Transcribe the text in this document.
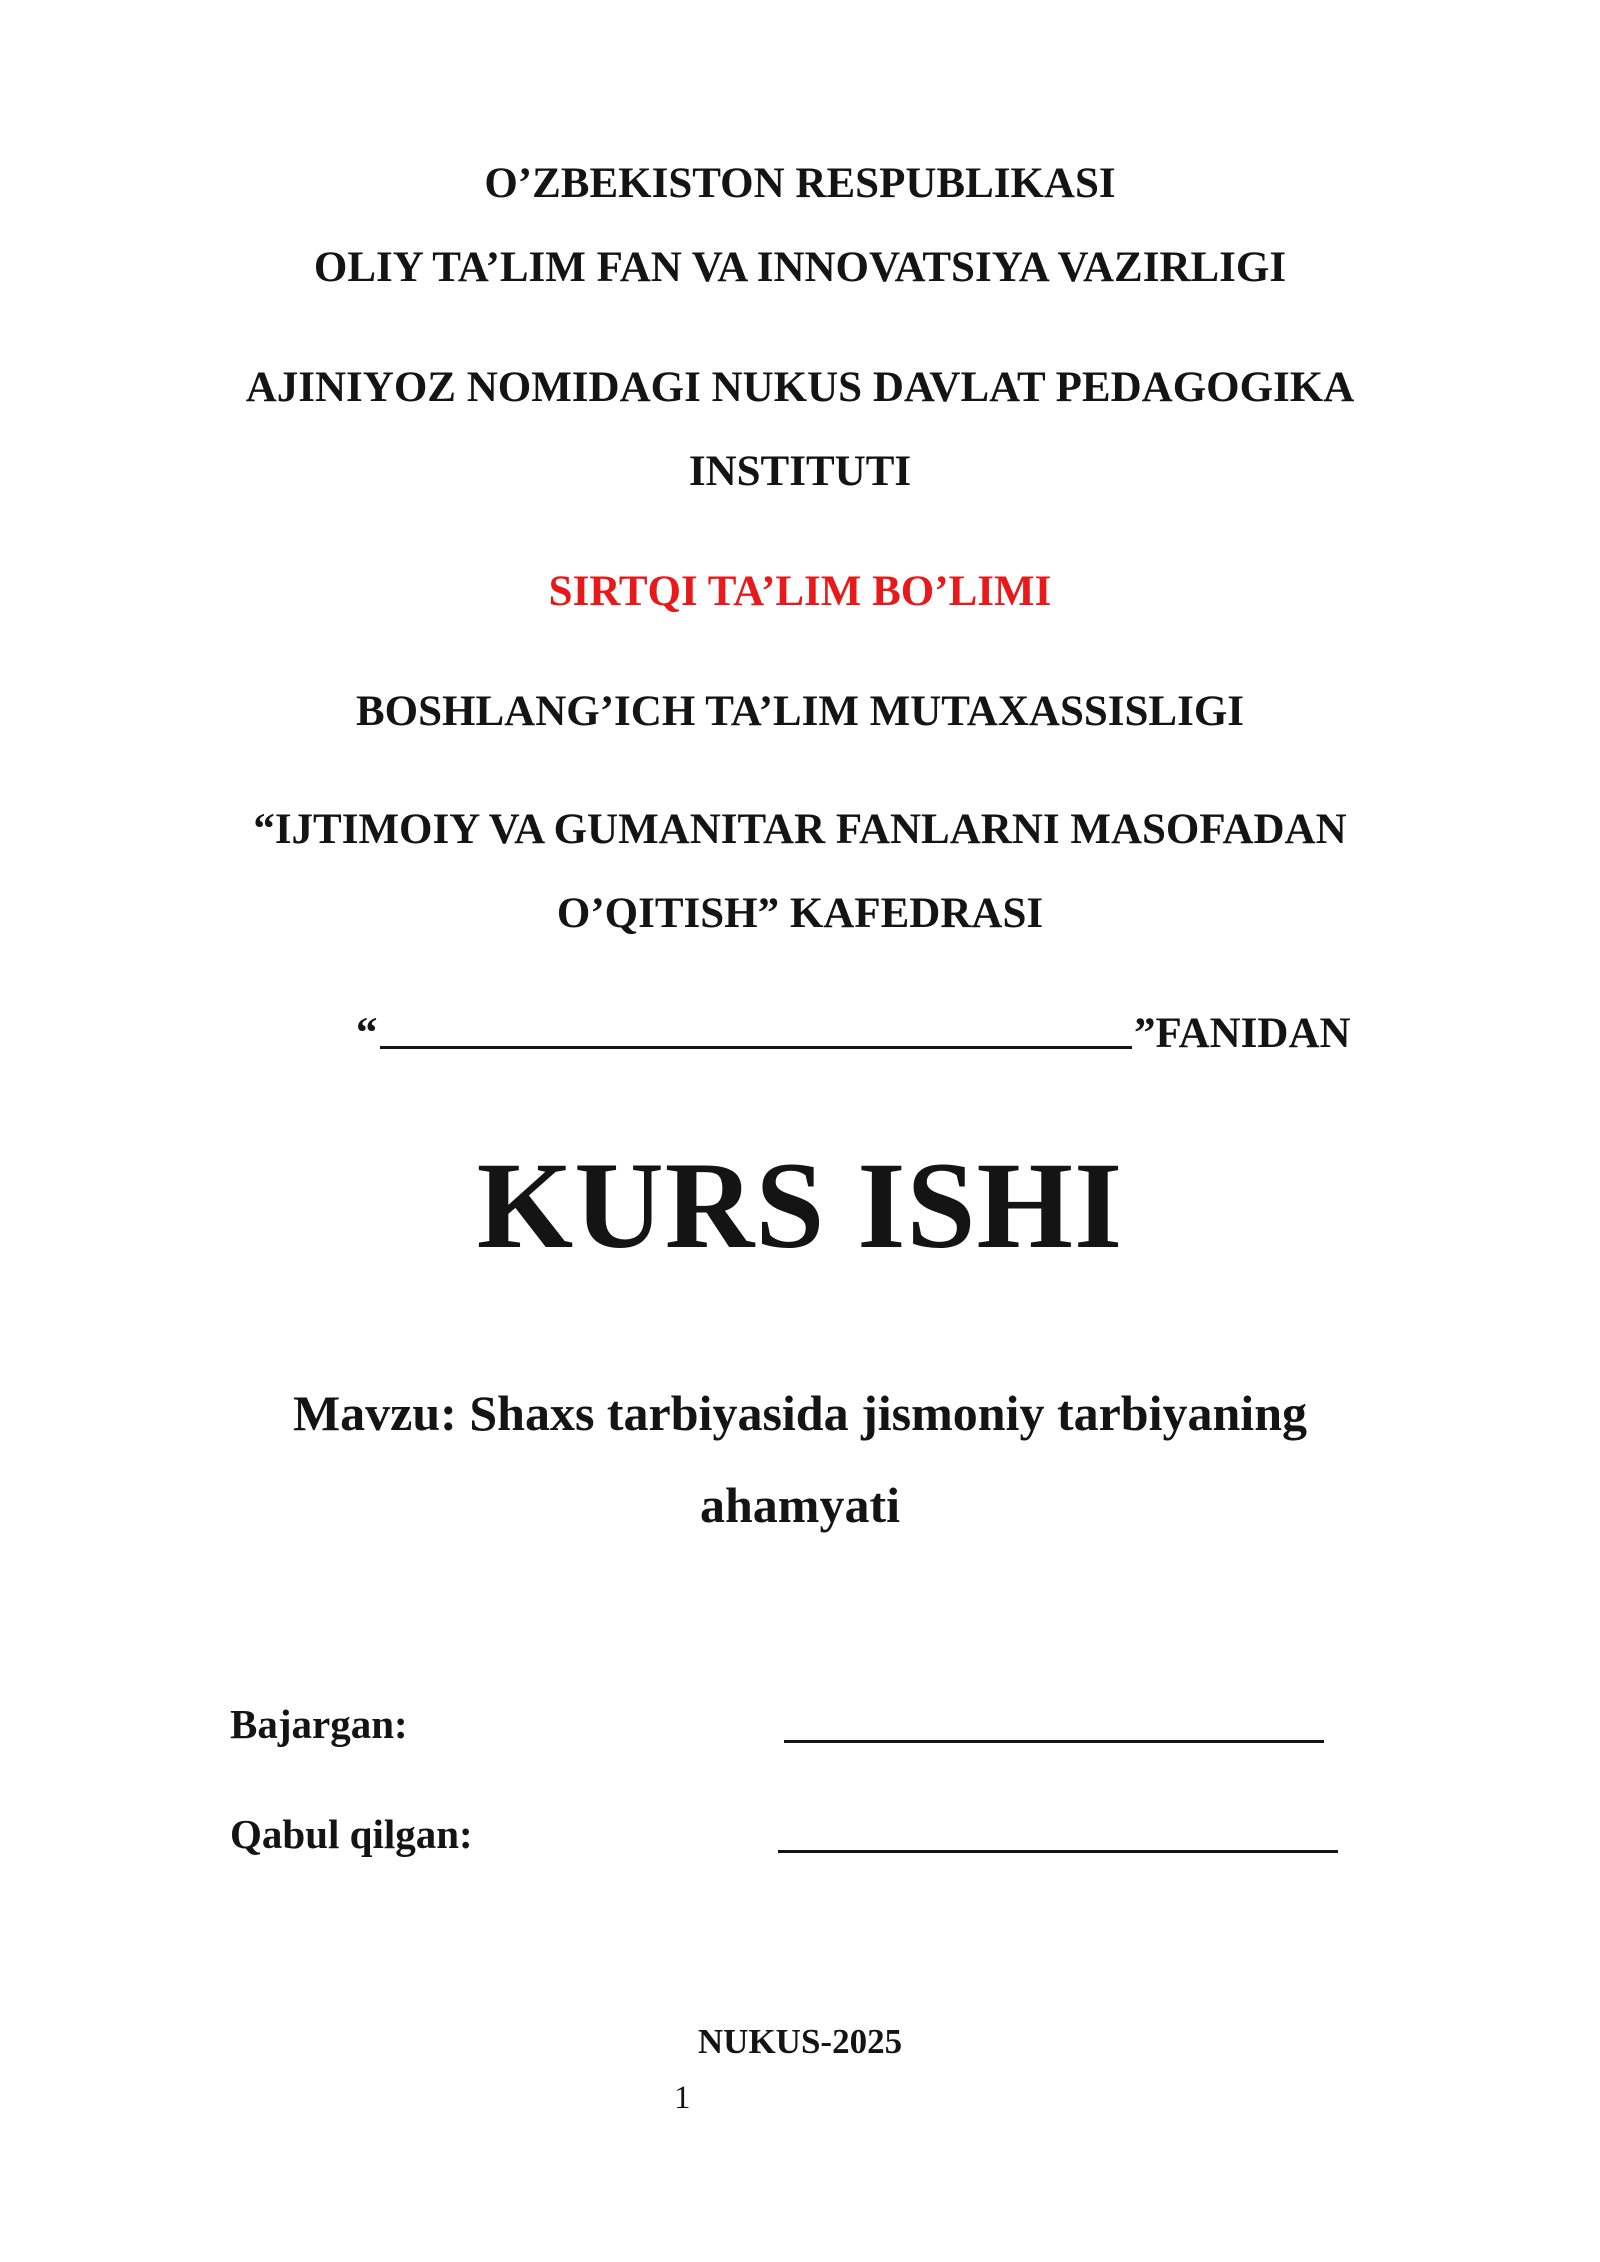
O’ZBEKISTON RESPUBLIKASI
OLIY TA’LIM FAN VA INNOVATSIYA VAZIRLIGI
AJINIYOZ NOMIDAGI NUKUS DAVLAT PEDAGOGIKA
INSTITUTI
SIRTQI TA’LIM BO’LIMI
BOSHLANG’ICH TA’LIM MUTAXASSISLIGI
“IJTIMOIY VA GUMANITAR FANLARNI MASOFADAN
O’QITISH” KAFEDRASI
“	”FANIDAN
KURS ISHI
Mavzu: Shaxs tarbiyasida jismoniy tarbiyaning
ahamyati
Bajargan:
Qabul qilgan:
NUKUS-2025
1
